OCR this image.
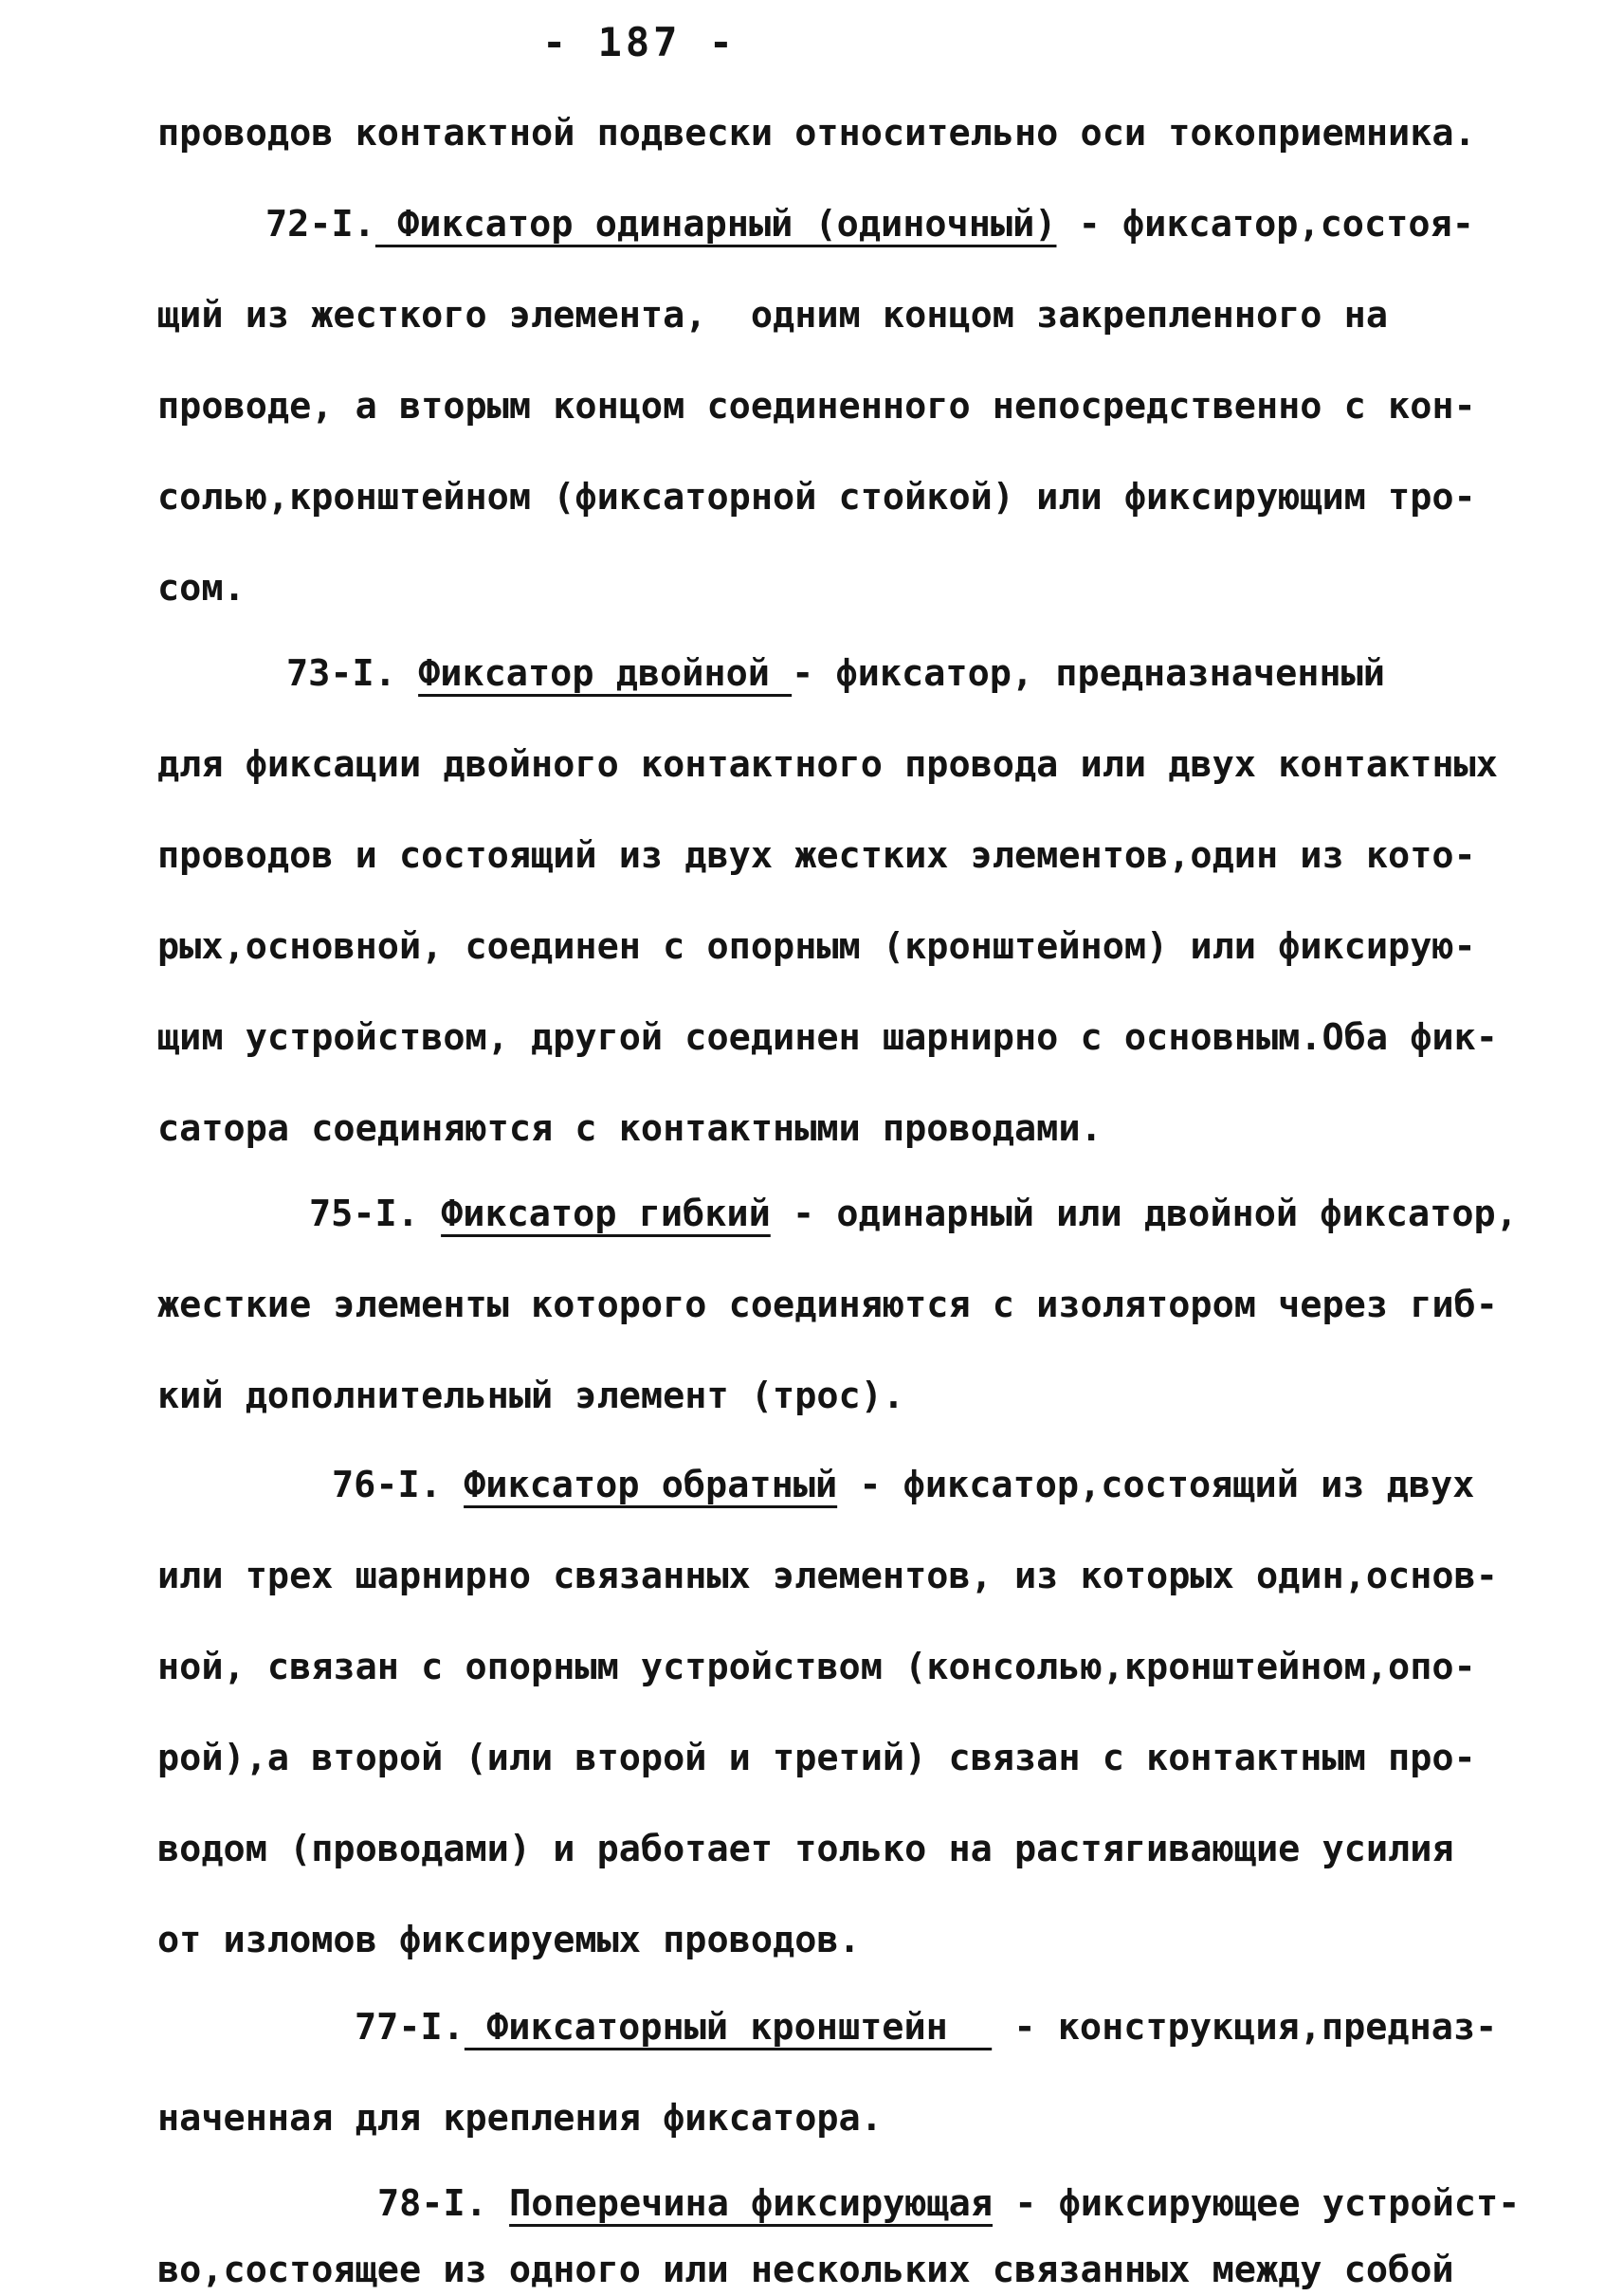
- 187 -
проводов контактной подвески относительно оси токоприемника.
72-I. Фиксатор одинарный (одиночный) - фиксатор,состоя-
щий из жесткого элемента,  одним концом закрепленного на
проводе, а вторым концом соединенного непосредственно с кон-
солью,кронштейном (фиксаторной стойкой) или фиксирующим тро-
сом.
73-I. Фиксатор двойной - фиксатор, предназначенный
для фиксации двойного контактного провода или двух контактных
проводов и состоящий из двух жестких элементов,один из кото-
рых,основной, соединен с опорным (кронштейном) или фиксирую-
щим устройством, другой соединен шарнирно с основным.Оба фик-
сатора соединяются с контактными проводами.
75-I. Фиксатор гибкий - одинарный или двойной фиксатор,
жесткие элементы которого соединяются с изолятором через гиб-
кий дополнительный элемент (трос).
76-I. Фиксатор обратный - фиксатор,состоящий из двух
или трех шарнирно связанных элементов, из которых один,основ-
ной, связан с опорным устройством (консолью,кронштейном,опо-
рой),а второй (или второй и третий) связан с контактным про-
водом (проводами) и работает только на растягивающие усилия
от изломов фиксируемых проводов.
77-I. Фиксаторный кронштейн   - конструкция,предназ-
наченная для крепления фиксатора.
78-I. Поперечина фиксирующая - фиксирующее устройст-
во,состоящее из одного или нескольких связанных между собой
